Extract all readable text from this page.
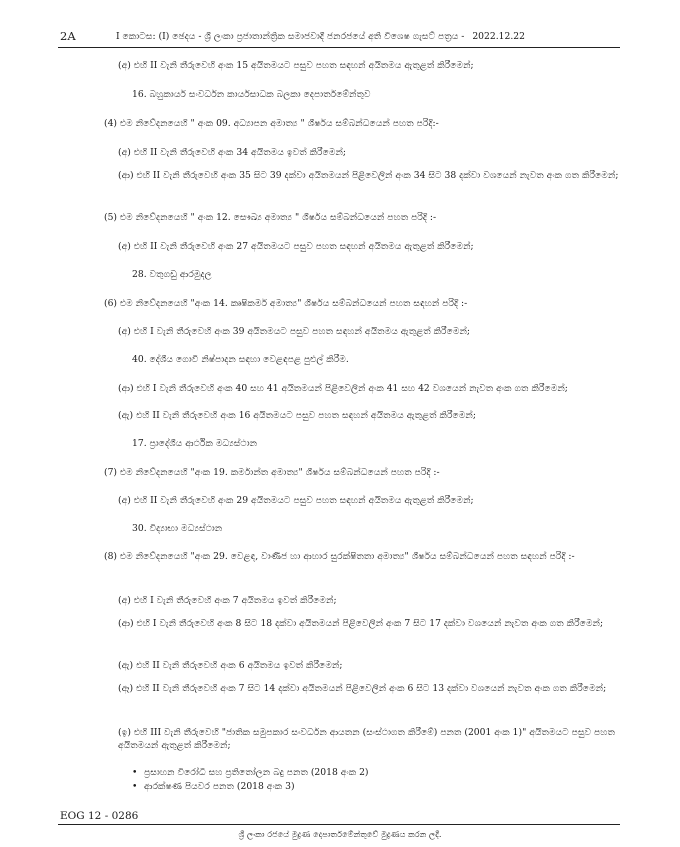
2A	I කොටස: (I) ඡෙදය - ශ්‍රී ලංකා ප්‍රජාතාන්ත්‍රික සමාජවාදී ජනරජයේ අති විශෙෂ ගැසට් පත්‍රය - 2022.12.22
(අ) එහි II වැනි තීරුවෙහි අංක 15 අයිතමයට පසුව පහත සඳහන් අයිතමය ඇතුළත් කිරීමෙන්;
16. බහුකාර්ය සංවර්ධන කාර්යසාධක බලකා දෙපාර්තමේන්තුව
(4) එම නිවේදනයෙහි " අංක 09. අධ්‍යාපන අමාත්‍ය " ශීර්ෂය සම්බන්ධයෙන් පහත පරිදි:-
(අ) එහි II වැනි තීරුවෙහි අංක 34 අයිතමය ඉවත් කිරීමෙන්;
(ආ) එහි II වැනි තීරුවෙහි අංක 35 සිට 39 දක්වා අයිතමයන් පිළිවෙලින් අංක 34 සිට 38 දක්වා වශයෙන් නැවත අංක ගත කිරීමෙන්;
(5) එම නිවේදනයෙහි " අංක 12. සෞඛ්‍ය අමාත්‍ය " ශීර්ෂය සම්බන්ධයෙන් පහත පරිදි :-
(අ) එහි II වැනි තීරුවෙහි අංක 27 අයිතමයට පසුව පහත සඳහන් අයිතමය ඇතුළත් කිරීමෙන්;
28. වතුගඩු ආරමුදල
(6) එම නිවේදනයෙහි "අංක 14. කෘෂිකර්ම අමාත්‍ය" ශීර්ෂය සම්බන්ධයෙන් පහත සඳහන් පරිදි :-
(අ) එහි I වැනි තීරුවෙහි අංක 39 අයිතමයට පසුව පහත සඳහන් අයිතමය ඇතුළත් කිරීමෙන්;
40. දේශීය ගොවි නිෂ්පාදන සඳහා වෙළඳපළ පුළුල් කිරීම.
(ආ) එහි I වැනි තීරුවෙහි අංක 40 සහ 41 අයිතමයන් පිළිවෙලින් අංක 41 සහ 42 වශයෙන් නැවත අංක ගත කිරීමෙන්;
(ඇ) එහි II වැනි තීරුවෙහි අංක 16 අයිතමයට පසුව පහත සඳහන් අයිතමය ඇතුළත් කිරීමෙන්;
17. ප්‍රාදේශීය ආර්ථික මධ්‍යස්ථාන
(7) එම නිවේදනයෙහි "අංක 19. කර්මාන්ත අමාත්‍ය" ශීර්ෂය සම්බන්ධයෙන් පහත පරිදි :-
(අ) එහි II වැනි තීරුවෙහි අංක 29 අයිතමයට පසුව පහත සඳහන් අයිතමය ඇතුළත් කිරීමෙන්;
30. විද්‍යාභා මධ්‍යස්ථාන
(8) එම නිවේදනයෙහි "අංක 29. වෙළඳ, වාණිජ හා ආහාර සුරක්ෂිතතා අමාත්‍ය" ශීර්ෂය සම්බන්ධයෙන් පහත සඳහන් පරිදි :-
(අ) එහි I වැනි තීරුවෙහි අංක 7 අයිතමය ඉවත් කිරීමෙන්;
(ආ) එහි I වැනි තීරුවෙහි අංක 8 සිට 18 දක්වා අයිතමයන් පිළිවෙලින් අංක 7 සිට 17 දක්වා වශයෙන් නැවත අංක ගත කිරීමෙන්;
(ඇ) එහි II වැනි තීරුවෙහි අංක 6 අයිතමය ඉවත් කිරීමෙන්;
(ඈ) එහි II වැනි තීරුවෙහි අංක 7 සිට 14 දක්වා අයිතමයන් පිළිවෙලින් අංක 6 සිට 13 දක්වා වශයෙන් නැවත අංක ගත කිරීමෙන්;
(ඉ) එහි III වැනි තීරුවෙහි "ජාතික සමුපකාර සංවර්ධන ආයතන (සංස්ථාගත කිරීමේ) පනත (2001 අංක 1)" අයිතමයට පසුව පහත අයිතමයන් ඇතුළත් කිරීමෙන්;
• ප්‍රසාහන විරෝධී සහ ප්‍රතිතෝලන බදු පනත (2018 අංක 2)
• ආරක්ෂණ පියවර පනත (2018 අංක 3)
EOG 12 - 0286
ශ්‍රී ලංකා රජයේ මුද්‍රණ දෙපාර්තමේන්තුවේ මුද්‍රණය කරන ලදී.
